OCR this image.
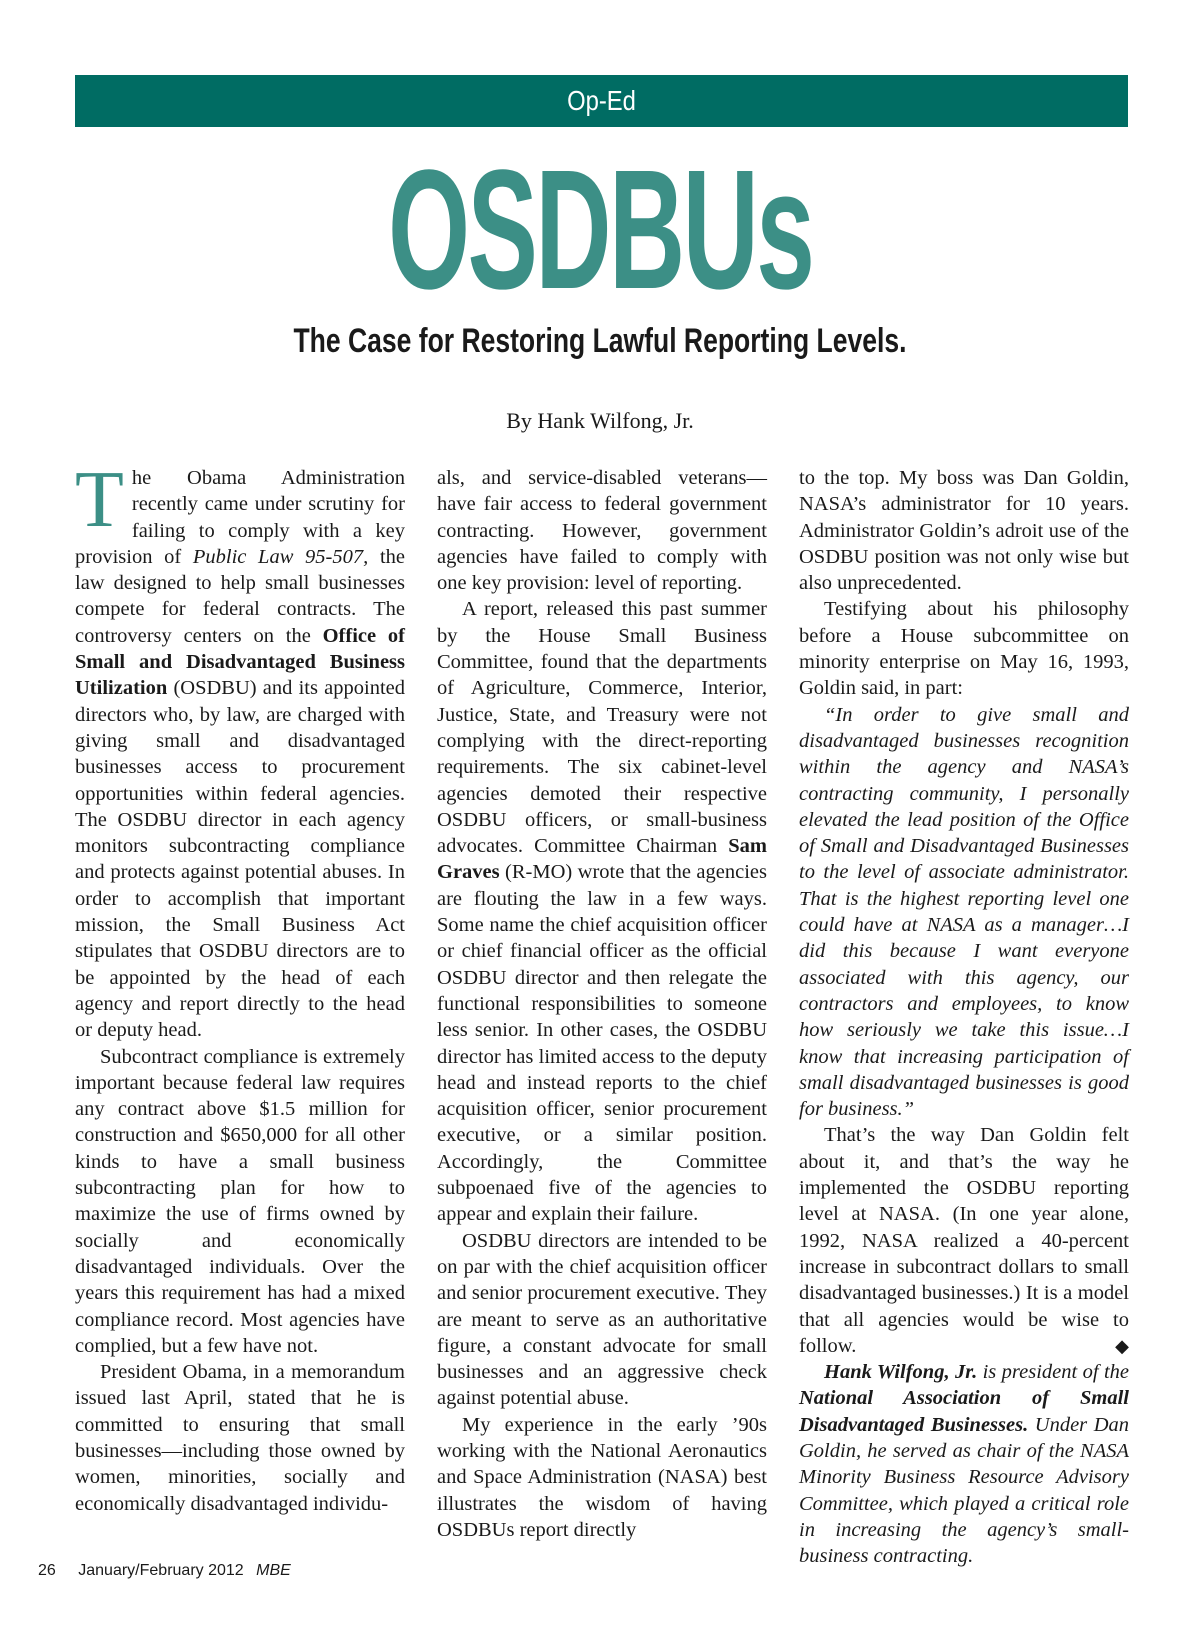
Op-Ed
OSDBUs
The Case for Restoring Lawful Reporting Levels.
By Hank Wilfong, Jr.

The Obama Administration recently came under scrutiny for failing to comply with a key provision of Public Law 95-507, the law designed to help small businesses compete for federal contracts. The controversy centers on the Office of Small and Disadvantaged Business Utilization (OSDBU) and its appointed directors who, by law, are charged with giving small and disadvantaged businesses access to procurement opportunities within federal agencies. The OSDBU director in each agency monitors subcontracting compliance and protects against potential abuses. In order to accomplish that important mission, the Small Business Act stipulates that OSDBU directors are to be appointed by the head of each agency and report directly to the head or deputy head.

Subcontract compliance is extremely important because federal law requires any contract above $1.5 million for construction and $650,000 for all other kinds to have a small business subcontracting plan for how to maximize the use of firms owned by socially and economically disadvantaged individuals. Over the years this requirement has had a mixed compliance record. Most agencies have complied, but a few have not.

President Obama, in a memorandum issued last April, stated that he is committed to ensuring that small businesses—including those owned by women, minorities, socially and economically disadvantaged individu-

als, and service-disabled veterans—have fair access to federal government contracting. However, government agencies have failed to comply with one key provision: level of reporting.

A report, released this past summer by the House Small Business Committee, found that the departments of Agriculture, Commerce, Interior, Justice, State, and Treasury were not complying with the direct-reporting requirements. The six cabinet-level agencies demoted their respective OSDBU officers, or small-business advocates. Committee Chairman Sam Graves (R-MO) wrote that the agencies are flouting the law in a few ways. Some name the chief acquisition officer or chief financial officer as the official OSDBU director and then relegate the functional responsibilities to someone less senior. In other cases, the OSDBU director has limited access to the deputy head and instead reports to the chief acquisition officer, senior procurement executive, or a similar position. Accordingly, the Committee subpoenaed five of the agencies to appear and explain their failure.

OSDBU directors are intended to be on par with the chief acquisition officer and senior procurement executive. They are meant to serve as an authoritative figure, a constant advocate for small businesses and an aggressive check against potential abuse.

My experience in the early ’90s working with the National Aeronautics and Space Administration (NASA) best illustrates the wisdom of having OSDBUs report directly

to the top. My boss was Dan Goldin, NASA’s administrator for 10 years. Administrator Goldin’s adroit use of the OSDBU position was not only wise but also unprecedented.

Testifying about his philosophy before a House subcommittee on minority enterprise on May 16, 1993, Goldin said, in part:

“In order to give small and disadvantaged businesses recognition within the agency and NASA’s contracting community, I personally elevated the lead position of the Office of Small and Disadvantaged Businesses to the level of associate administrator. That is the highest reporting level one could have at NASA as a manager…I did this because I want everyone associated with this agency, our contractors and employees, to know how seriously we take this issue…I know that increasing participation of small disadvantaged businesses is good for business.”

That’s the way Dan Goldin felt about it, and that’s the way he implemented the OSDBU reporting level at NASA. (In one year alone, 1992, NASA realized a 40-percent increase in subcontract dollars to small disadvantaged businesses.) It is a model that all agencies would be wise to follow.	◆

Hank Wilfong, Jr. is president of the National Association of Small Disadvantaged Businesses. Under Dan Goldin, he served as chair of the NASA Minority Business Resource Advisory Committee, which played a critical role in increasing the agency’s small-business contracting.

26 January/February 2012 MBE
